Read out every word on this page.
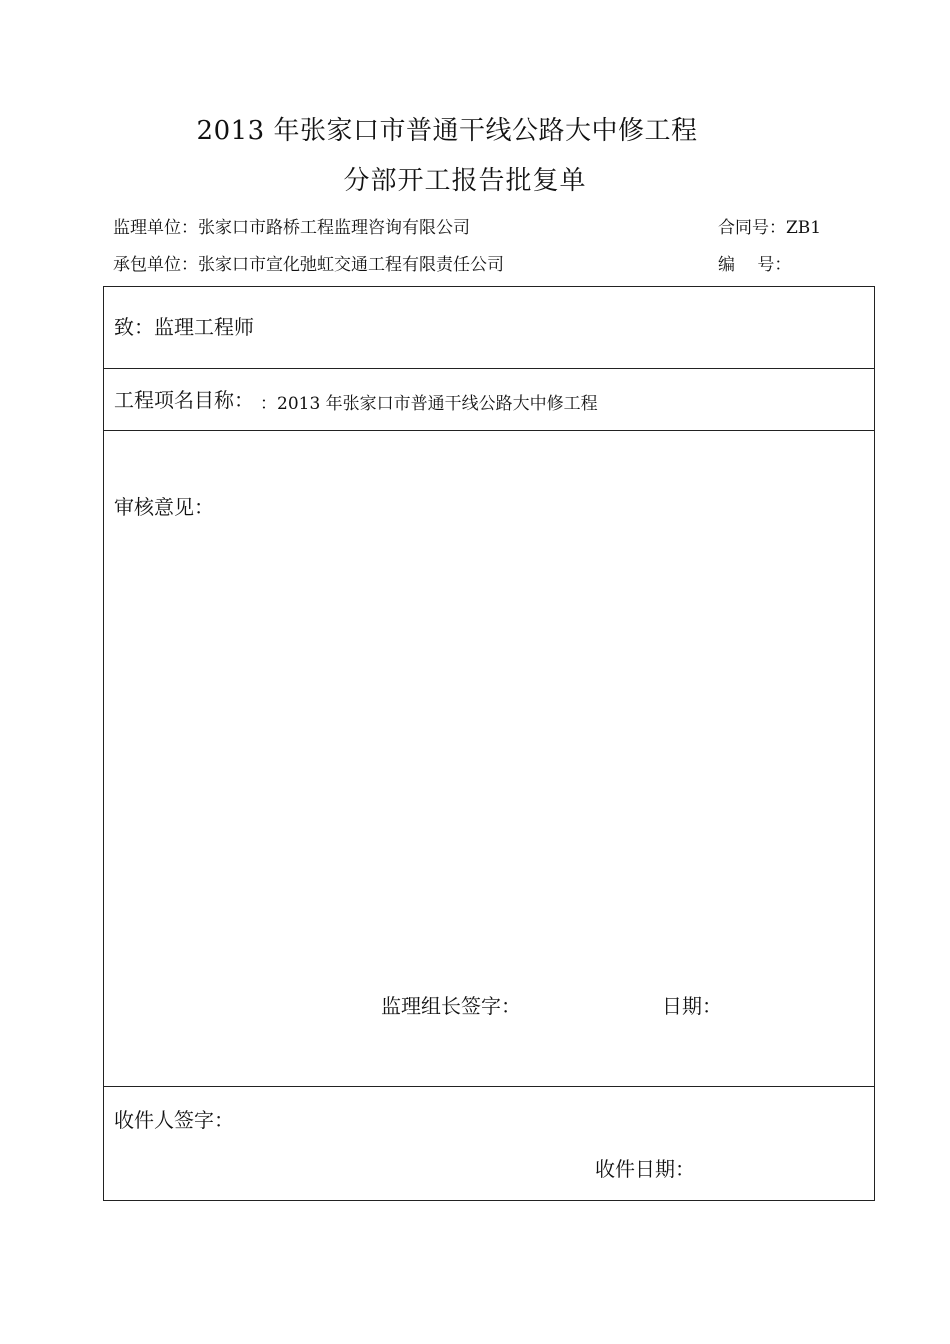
2013 年张家口市普通干线公路大中修工程
分部开工报告批复单
监理单位：张家口市路桥工程监理咨询有限公司	合同号：ZB1
承包单位：张家口市宣化弛虹交通工程有限责任公司	编　 号：
致：监理工程师
工程项名目称： ：2013 年张家口市普通干线公路大中修工程
审核意见：
监理组长签字：	日期：
收件人签字：
收件日期：
